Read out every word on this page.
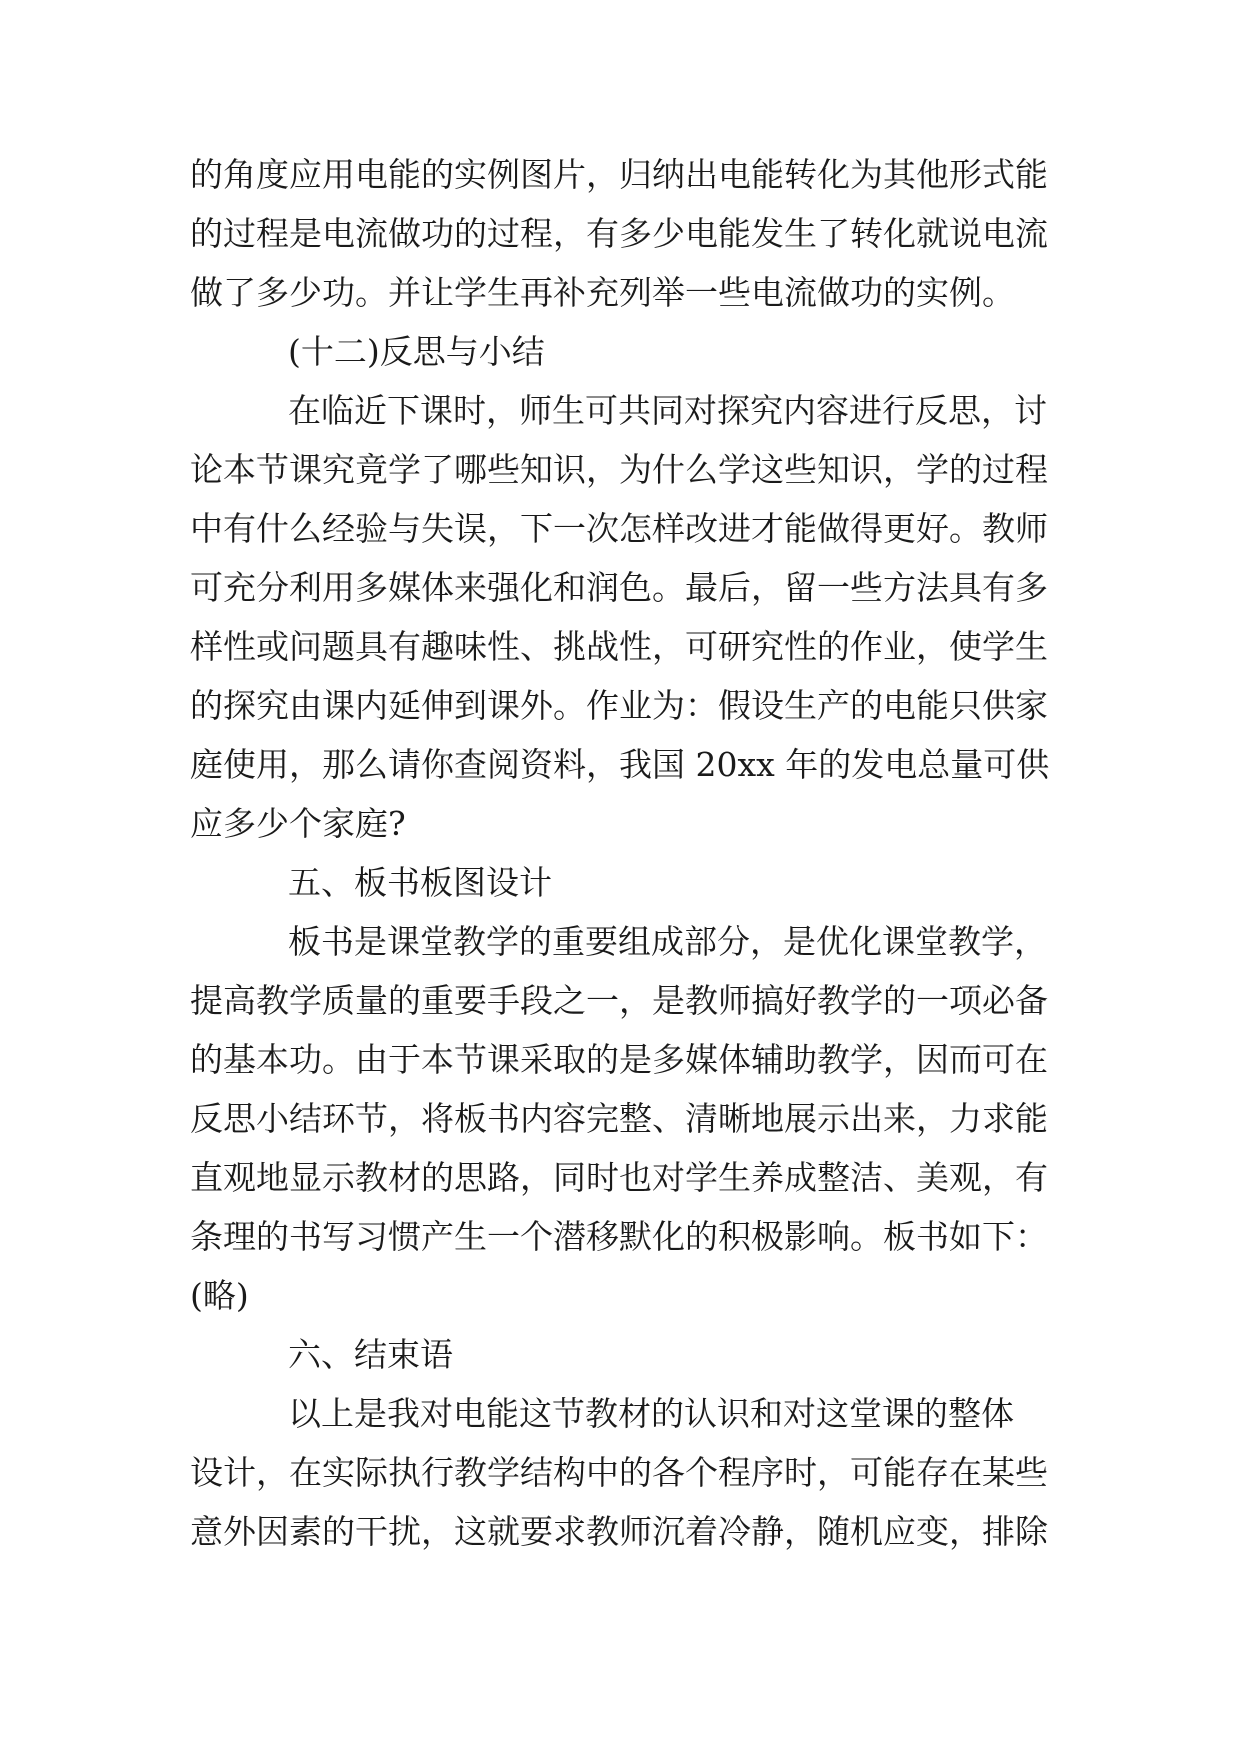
的角度应用电能的实例图片，归纳出电能转化为其他形式能
的过程是电流做功的过程，有多少电能发生了转化就说电流
做了多少功。并让学生再补充列举一些电流做功的实例。
(十二)反思与小结
在临近下课时，师生可共同对探究内容进行反思，讨
论本节课究竟学了哪些知识，为什么学这些知识，学的过程
中有什么经验与失误，下一次怎样改进才能做得更好。教师
可充分利用多媒体来强化和润色。最后，留一些方法具有多
样性或问题具有趣味性、挑战性，可研究性的作业，使学生
的探究由课内延伸到课外。作业为：假设生产的电能只供家
庭使用，那么请你查阅资料，我国 20xx 年的发电总量可供
应多少个家庭?
五、板书板图设计
板书是课堂教学的重要组成部分，是优化课堂教学，
提高教学质量的重要手段之一，是教师搞好教学的一项必备
的基本功。由于本节课采取的是多媒体辅助教学，因而可在
反思小结环节，将板书内容完整、清晰地展示出来，力求能
直观地显示教材的思路，同时也对学生养成整洁、美观，有
条理的书写习惯产生一个潜移默化的积极影响。板书如下：
(略)
六、结束语
以上是我对电能这节教材的认识和对这堂课的整体
设计，在实际执行教学结构中的各个程序时，可能存在某些
意外因素的干扰，这就要求教师沉着冷静，随机应变，排除
